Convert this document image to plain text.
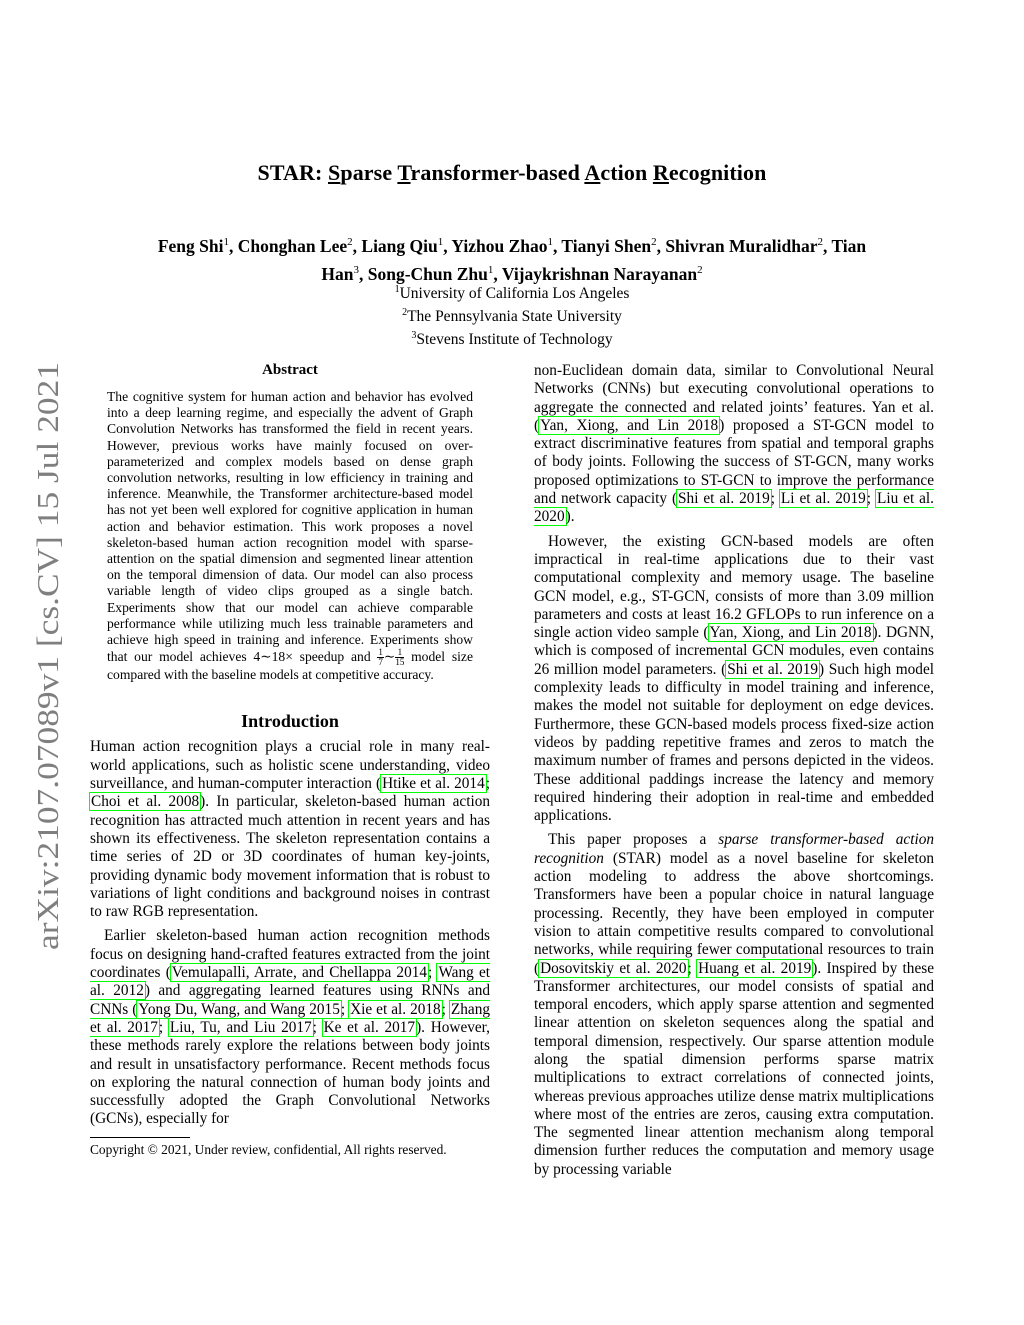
arXiv:2107.07089v1 [cs.CV] 15 Jul 2021
STAR: Sparse Transformer-based Action Recognition
Feng Shi$^1$, Chonghan Lee$^2$, Liang Qiu$^1$, Yizhou Zhao$^1$, Tianyi Shen$^2$, Shivran Muralidhar$^2$, Tian
Han$^3$, Song-Chun Zhu$^1$, Vijaykrishnan Narayanan$^2$
$^1$University of California Los Angeles
$^2$The Pennsylvania State University
$^3$Stevens Institute of Technology
Abstract
The cognitive system for human action and behavior has evolved into a deep learning regime, and especially the advent of Graph Convolution Networks has transformed the field in recent years. However, previous works have mainly focused on over-parameterized and complex models based on dense graph convolution networks, resulting in low efficiency in training and inference. Meanwhile, the Transformer architecture-based model has not yet been well explored for cognitive application in human action and behavior estimation. This work proposes a novel skeleton-based human action recognition model with sparse-attention on the spatial dimension and segmented linear attention on the temporal dimension of data. Our model can also process variable length of video clips grouped as a single batch. Experiments show that our model can achieve comparable performance while utilizing much less trainable parameters and achieve high speed in training and inference. Experiments show that our model achieves 4∼18× speedup and $\frac{1}{7}$ ∼ $\frac{1}{15}$ model size compared with the baseline models at competitive accuracy.
Introduction

Human action recognition plays a crucial role in many real-world applications, such as holistic scene understanding, video surveillance, and human-computer interaction (Htike et al. 2014; Choi et al. 2008). In particular, skeleton-based human action recognition has attracted much attention in recent years and has shown its effectiveness. The skeleton representation contains a time series of 2D or 3D coordinates of human key-joints, providing dynamic body movement information that is robust to variations of light conditions and background noises in contrast to raw RGB representation.

Earlier skeleton-based human action recognition methods focus on designing hand-crafted features extracted from the joint coordinates (Vemulapalli, Arrate, and Chellappa 2014; Wang et al. 2012) and aggregating learned features using RNNs and CNNs (Yong Du, Wang, and Wang 2015; Xie et al. 2018; Zhang et al. 2017; Liu, Tu, and Liu 2017; Ke et al. 2017). However, these methods rarely explore the relations between body joints and result in unsatisfactory performance. Recent methods focus on exploring the natural connection of human body joints and successfully adopted the Graph Convolutional Networks (GCNs), especially for

Copyright © 2021, Under review, confidential, All rights reserved.

non-Euclidean domain data, similar to Convolutional Neural Networks (CNNs) but executing convolutional operations to aggregate the connected and related joints’ features. Yan et al. (Yan, Xiong, and Lin 2018) proposed a ST-GCN model to extract discriminative features from spatial and temporal graphs of body joints. Following the success of ST-GCN, many works proposed optimizations to ST-GCN to improve the performance and network capacity (Shi et al. 2019; Li et al. 2019; Liu et al. 2020).

However, the existing GCN-based models are often impractical in real-time applications due to their vast computational complexity and memory usage. The baseline GCN model, e.g., ST-GCN, consists of more than 3.09 million parameters and costs at least 16.2 GFLOPs to run inference on a single action video sample (Yan, Xiong, and Lin 2018). DGNN, which is composed of incremental GCN modules, even contains 26 million model parameters. (Shi et al. 2019) Such high model complexity leads to difficulty in model training and inference, makes the model not suitable for deployment on edge devices. Furthermore, these GCN-based models process fixed-size action videos by padding repetitive frames and zeros to match the maximum number of frames and persons depicted in the videos. These additional paddings increase the latency and memory required hindering their adoption in real-time and embedded applications.

This paper proposes a sparse transformer-based action recognition (STAR) model as a novel baseline for skeleton action modeling to address the above shortcomings. Transformers have been a popular choice in natural language processing. Recently, they have been employed in computer vision to attain competitive results compared to convolutional networks, while requiring fewer computational resources to train (Dosovitskiy et al. 2020; Huang et al. 2019). Inspired by these Transformer architectures, our model consists of spatial and temporal encoders, which apply sparse attention and segmented linear attention on skeleton sequences along the spatial and temporal dimension, respectively. Our sparse attention module along the spatial dimension performs sparse matrix multiplications to extract correlations of connected joints, whereas previous approaches utilize dense matrix multiplications where most of the entries are zeros, causing extra computation. The segmented linear attention mechanism along temporal dimension further reduces the computation and memory usage by processing variable
